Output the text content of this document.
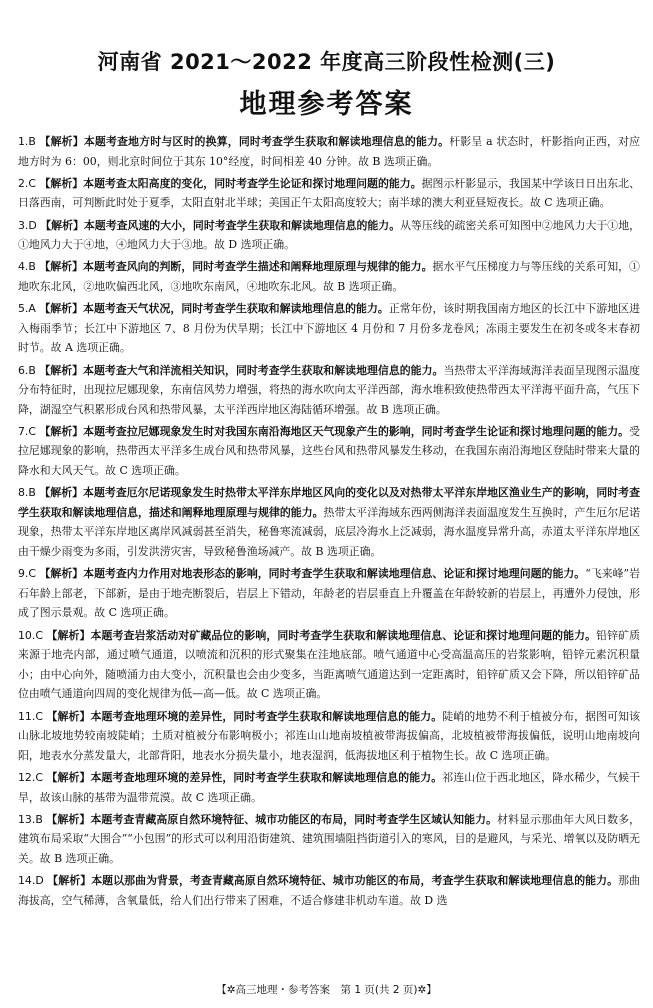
河南省 2021～2022 年度高三阶段性检测(三)
地理参考答案
1.B 【解析】本题考查地方时与区时的换算，同时考查学生获取和解读地理信息的能力。杆影呈 a 状态时，杆影指向正西，对应地方时为 6：00，则北京时间位于其东 10°经度，时间相差 40 分钟。故 B 选项正确。
2.C 【解析】本题考查太阳高度的变化，同时考查学生论证和探讨地理问题的能力。据图示杆影显示，我国某中学该日日出东北、日落西南，可判断此时处于夏季，太阳直射北半球；美国正午太阳高度较大；南半球的澳大利亚昼短夜长。故 C 选项正确。
3.D 【解析】本题考查风速的大小，同时考查学生获取和解读地理信息的能力。从等压线的疏密关系可知图中②地风力大于①地，①地风力大于④地，④地风力大于③地。故 D 选项正确。
4.B 【解析】本题考查风向的判断，同时考查学生描述和阐释地理原理与规律的能力。据水平气压梯度力与等压线的关系可知，①地吹东北风，②地吹偏西北风，③地吹东南风，④地吹东北风。故 B 选项正确。
5.A 【解析】本题考查天气状况，同时考查学生获取和解读地理信息的能力。正常年份，该时期我国南方地区的长江中下游地区进入梅雨季节；长江中下游地区 7、8 月份为伏旱期；长江中下游地区 4 月份和 7 月份多龙卷风；冻雨主要发生在初冬或冬末春初时节。故 A 选项正确。
6.B 【解析】本题考查大气和洋流相关知识，同时考查学生获取和解读地理信息的能力。当热带太平洋海域海洋表面呈现图示温度分布特征时，出现拉尼娜现象，东南信风势力增强，将热的海水吹向太平洋西部，海水堆积致使热带西太平洋海平面升高，气压下降，湖湿空气积累形成台风和热带风暴，太平洋西岸地区海陆循环增强。故 B 选项正确。
7.C 【解析】本题考查拉尼娜现象发生时对我国东南沿海地区天气现象产生的影响，同时考查学生论证和探讨地理问题的能力。受拉尼娜现象的影响，热带西太平洋多生成台风和热带风暴，这些台风和热带风暴发生移动，在我国东南沿海地区登陆时带来大量的降水和大风天气。故 C 选项正确。
8.B 【解析】本题考查厄尔尼诺现象发生时热带太平洋东岸地区风向的变化以及对热带太平洋东岸地区渔业生产的影响，同时考查学生获取和解读地理信息，描述和阐释地理原理与规律的能力。热带太平洋海域东西两侧海洋表面温度发生互换时，产生厄尔尼诺现象，热带太平洋东岸地区离岸风减弱甚至消失，秘鲁寒流减弱，底层冷海水上泛减弱，海水温度异常升高，赤道太平洋东岸地区由干燥少雨变为多雨，引发洪涝灾害，导致秘鲁渔场减产。故 B 选项正确。
9.C 【解析】本题考查内力作用对地表形态的影响，同时考查学生获取和解读地理信息、论证和探讨地理问题的能力。“飞来峰”岩石年龄上部老，下部新，是由于地壳断裂后，岩层上下错动，年龄老的岩层垂直上升覆盖在年龄较新的岩层上，再遭外力侵蚀，形成了图示景观。故 C 选项正确。
10.C 【解析】本题考查岩浆活动对矿藏品位的影响，同时考查学生获取和解读地理信息、论证和探讨地理问题的能力。铅锌矿质来源于地壳内部，通过喷气通道，以喷流和沉积的形式聚集在洼地底部。喷气通道中心受高温高压的岩浆影响，铅锌元素沉积量小；由中心向外，随喷涌力由大变小，沉积量也会由少变多，当距离喷气通道达到一定距离时，铅锌矿质又会下降，所以铅锌矿品位由喷气通道向四周的变化规律为低—高—低。故 C 选项正确。
11.C 【解析】本题考查地理环境的差异性，同时考查学生获取和解读地理信息的能力。陡峭的地势不利于植被分布，据图可知该山脉北坡地势较南坡陡峭；土质对植被分布影响极小；祁连山山地南坡植被带海拔偏高，北坡植被带海拔偏低，说明山地南坡向阳，地表水分蒸发量大，北部背阳，地表水分损失量小，地表湿润，低海拔地区利于植物生长。故 C 选项正确。
12.C 【解析】本题考查地理环境的差异性，同时考查学生获取和解读地理信息的能力。祁连山位于西北地区，降水稀少，气候干旱，故该山脉的基带为温带荒漠。故 C 选项正确。
13.B 【解析】本题考查青藏高原自然环境特征、城市功能区的布局，同时考查学生区域认知能力。材料显示那曲年大风日数多，建筑布局采取“大围合”“小包围”的形式可以利用沿街建筑、建筑围墙阻挡街道引入的寒风，目的是避风，与采光、增氧以及防晒无关。故 B 选项正确。
14.D 【解析】本题以那曲为背景，考查青藏高原自然环境特征、城市功能区的布局，考查学生获取和解读地理信息的能力。那曲海拔高，空气稀薄，含氧量低，给人们出行带来了困难，不适合修建非机动车道。故 D 选
【✲高三地理・参考答案　第 1 页(共 2 页)✲】
